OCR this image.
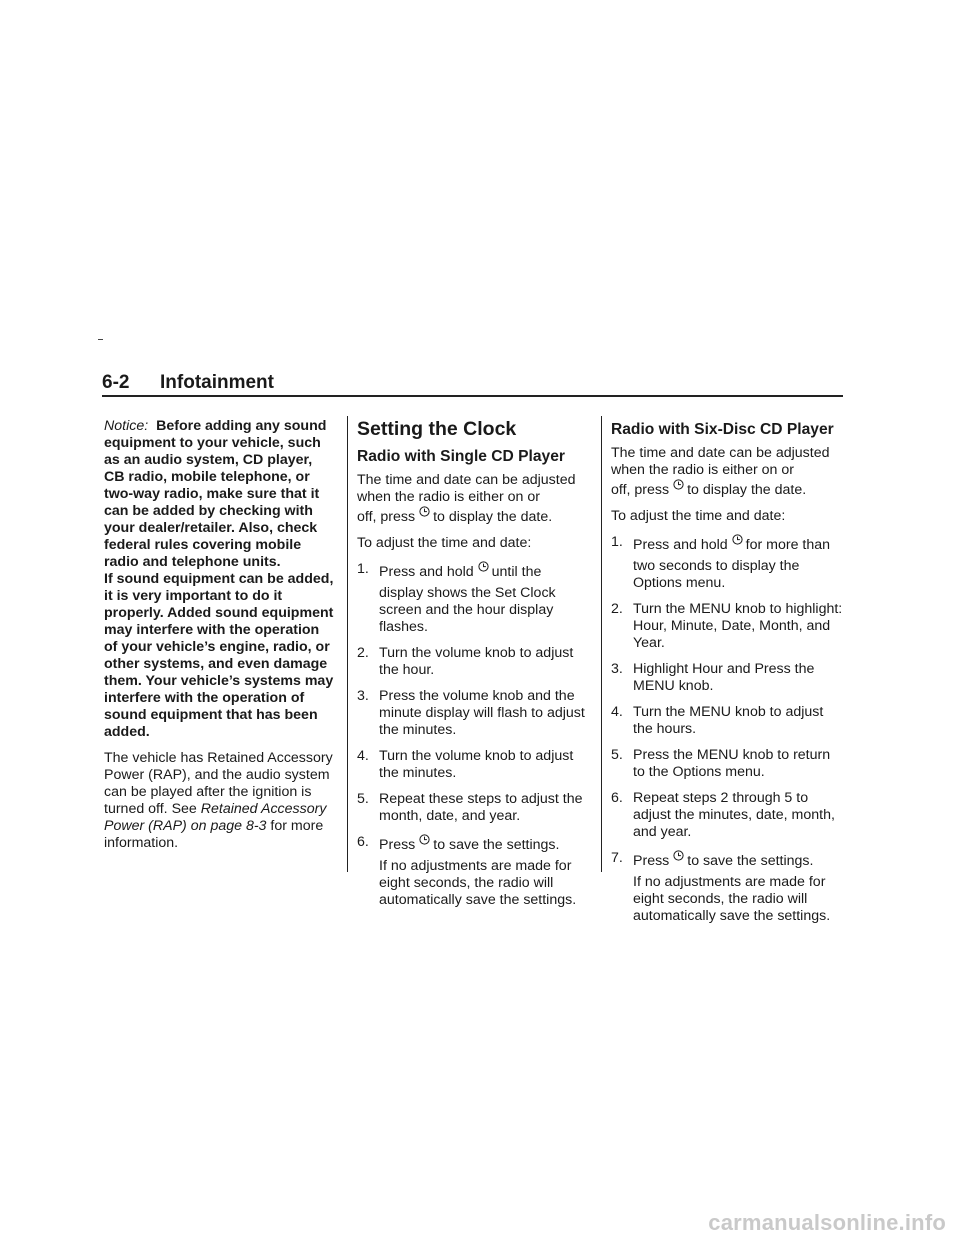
6-2 Infotainment

Notice: Before adding any sound equipment to your vehicle, such as an audio system, CD player, CB radio, mobile telephone, or two-way radio, make sure that it can be added by checking with your dealer/retailer. Also, check federal rules covering mobile radio and telephone units.
If sound equipment can be added, it is very important to do it properly. Added sound equipment may interfere with the operation of your vehicle’s engine, radio, or other systems, and even damage them. Your vehicle’s systems may interfere with the operation of sound equipment that has been added.

The vehicle has Retained Accessory Power (RAP), and the audio system can be played after the ignition is turned off. See Retained Accessory Power (RAP) on page 8-3 for more information.

Setting the Clock
Radio with Single CD Player

The time and date can be adjusted when the radio is either on or
off, press to display the date.

To adjust the time and date:

1. Press and hold until the
display shows the Set Clock screen and the hour display flashes.
2. Turn the volume knob to adjust the hour.
3. Press the volume knob and the minute display will flash to adjust the minutes.
4. Turn the volume knob to adjust the minutes.
5. Repeat these steps to adjust the month, date, and year.
6. Press to save the settings.
If no adjustments are made for eight seconds, the radio will automatically save the settings.
Radio with Six-Disc CD Player

The time and date can be adjusted when the radio is either on or
off, press to display the date.

To adjust the time and date:

1. Press and hold for more than
two seconds to display the Options menu.
2. Turn the MENU knob to highlight: Hour, Minute, Date, Month, and Year.
3. Highlight Hour and Press the MENU knob.
4. Turn the MENU knob to adjust the hours.
5. Press the MENU knob to return to the Options menu.
6. Repeat steps 2 through 5 to adjust the minutes, date, month, and year.
7. Press to save the settings.
If no adjustments are made for eight seconds, the radio will automatically save the settings.
carmanualsonline.info
